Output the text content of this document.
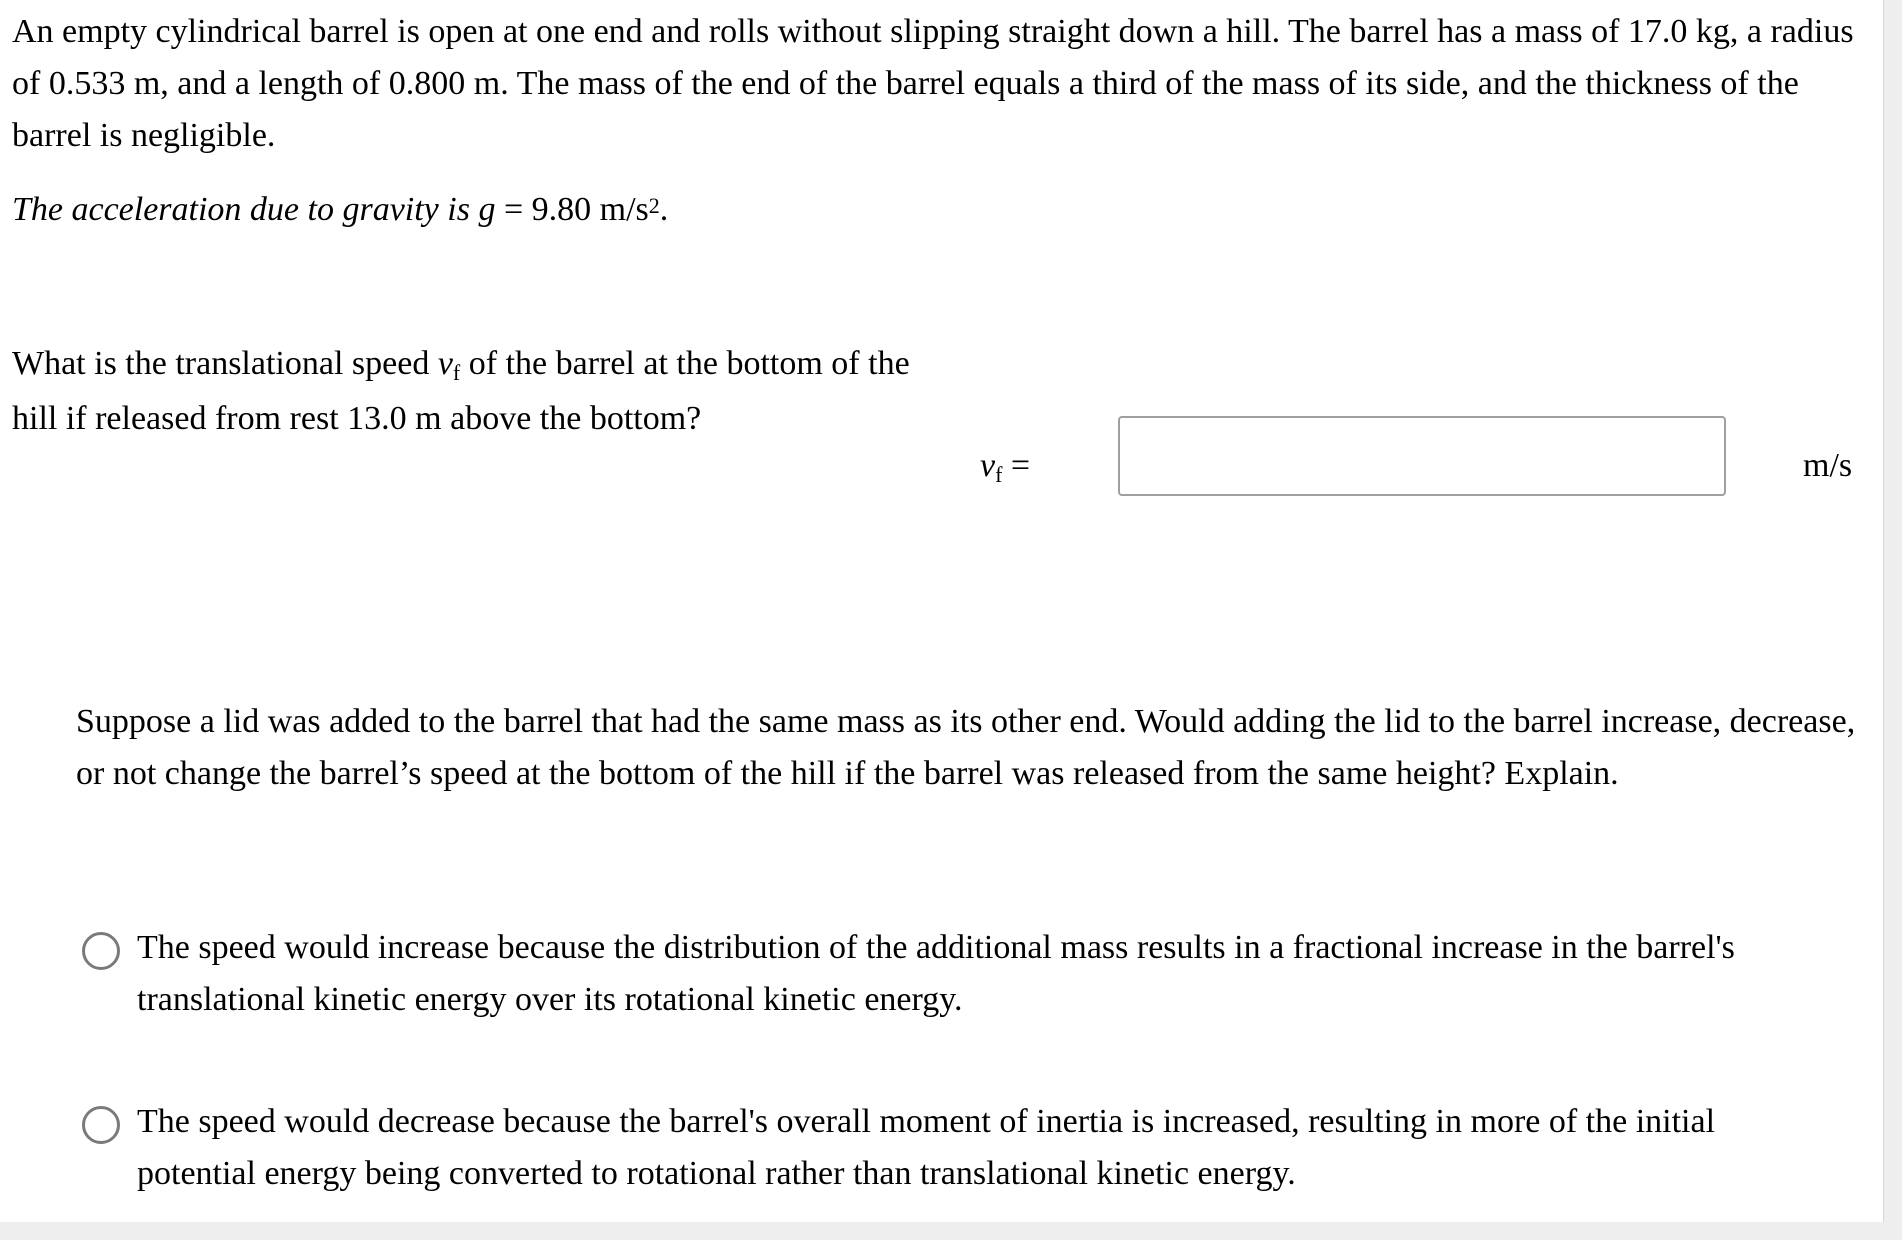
An empty cylindrical barrel is open at one end and rolls without slipping straight down a hill. The barrel has a mass of 17.0 kg, a radius of 0.533 m, and a length of 0.800 m. The mass of the end of the barrel equals a third of the mass of its side, and the thickness of the barrel is negligible.

The acceleration due to gravity is g = 9.80 $m/s^2$.

What is the translational speed vf of the barrel at the bottom of the hill if released from rest 13.0 m above the bottom?

vf =	m/s

Suppose a lid was added to the barrel that had the same mass as its other end. Would adding the lid to the barrel increase, decrease, or not change the barrel’s speed at the bottom of the hill if the barrel was released from the same height? Explain.

The speed would increase because the distribution of the additional mass results in a fractional increase in the barrel's translational kinetic energy over its rotational kinetic energy.
The speed would decrease because the barrel's overall moment of inertia is increased, resulting in more of the initial potential energy being converted to rotational rather than translational kinetic energy.
